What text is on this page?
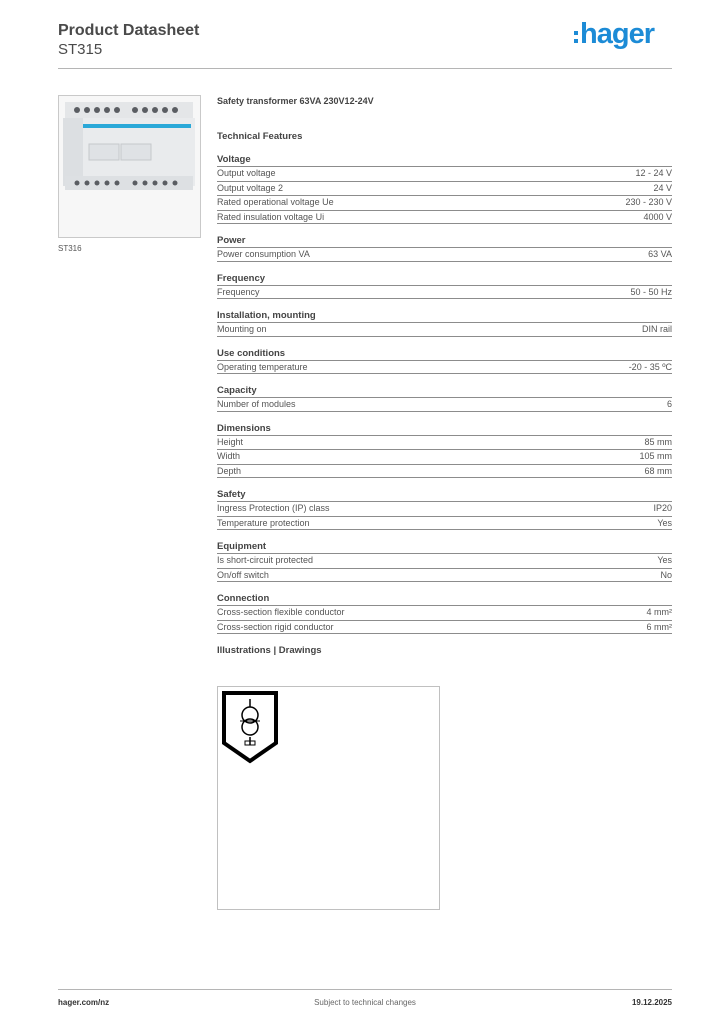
Product Datasheet
ST315	hager
ST316
Safety transformer 63VA 230V12-24V
Technical Features
Voltage
Output voltage	12 - 24 V
Output voltage 2	24 V
Rated operational voltage Ue	230 - 230 V
Rated insulation voltage Ui	4000 V
Power
Power consumption VA	63 VA
Frequency
Frequency	50 - 50 Hz
Installation, mounting
Mounting on	DIN rail
Use conditions
Operating temperature	-20 - 35 ºC
Capacity
Number of modules	6
Dimensions
Height	85 mm
Width	105 mm
Depth	68 mm
Safety
Ingress Protection (IP) class	IP20
Temperature protection	Yes
Equipment
Is short-circuit protected	Yes
On/off switch	No
Connection
Cross-section flexible conductor	4 mm²
Cross-section rigid conductor	6 mm²
Illustrations | Drawings
hager.com/nz	Subject to technical changes	19.12.2025
